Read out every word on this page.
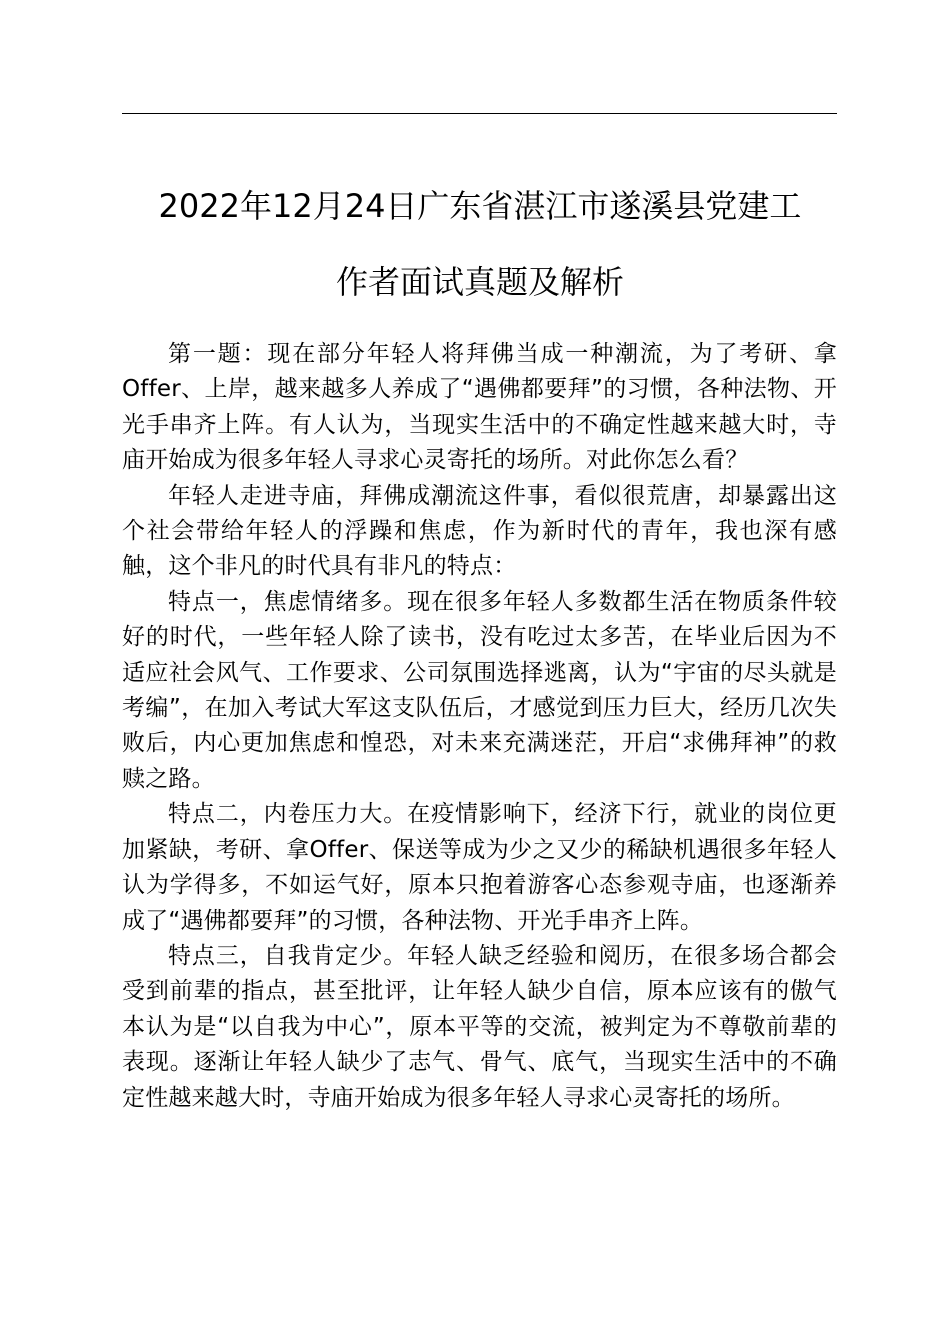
2022年12月24日广东省湛江市遂溪县党建工
作者面试真题及解析

第一题：现在部分年轻人将拜佛当成一种潮流，为了考研、拿Offer、上岸，越来越多人养成了“遇佛都要拜”的习惯，各种法物、开光手串齐上阵。有人认为，当现实生活中的不确定性越来越大时，寺庙开始成为很多年轻人寻求心灵寄托的场所。对此你怎么看？

年轻人走进寺庙，拜佛成潮流这件事，看似很荒唐，却暴露出这个社会带给年轻人的浮躁和焦虑，作为新时代的青年，我也深有感触，这个非凡的时代具有非凡的特点：

特点一，焦虑情绪多。现在很多年轻人多数都生活在物质条件较好的时代，一些年轻人除了读书，没有吃过太多苦，在毕业后因为不适应社会风气、工作要求、公司氛围选择逃离，认为“宇宙的尽头就是考编”，在加入考试大军这支队伍后，才感觉到压力巨大，经历几次失败后，内心更加焦虑和惶恐，对未来充满迷茫，开启“求佛拜神”的救赎之路。

特点二，内卷压力大。在疫情影响下，经济下行，就业的岗位更加紧缺，考研、拿Offer、保送等成为少之又少的稀缺机遇很多年轻人认为学得多，不如运气好，原本只抱着游客心态参观寺庙，也逐渐养成了“遇佛都要拜”的习惯，各种法物、开光手串齐上阵。

特点三，自我肯定少。年轻人缺乏经验和阅历，在很多场合都会受到前辈的指点，甚至批评，让年轻人缺少自信，原本应该有的傲气本认为是“以自我为中心”，原本平等的交流，被判定为不尊敬前辈的表现。逐渐让年轻人缺少了志气、骨气、底气，当现实生活中的不确定性越来越大时，寺庙开始成为很多年轻人寻求心灵寄托的场所。
